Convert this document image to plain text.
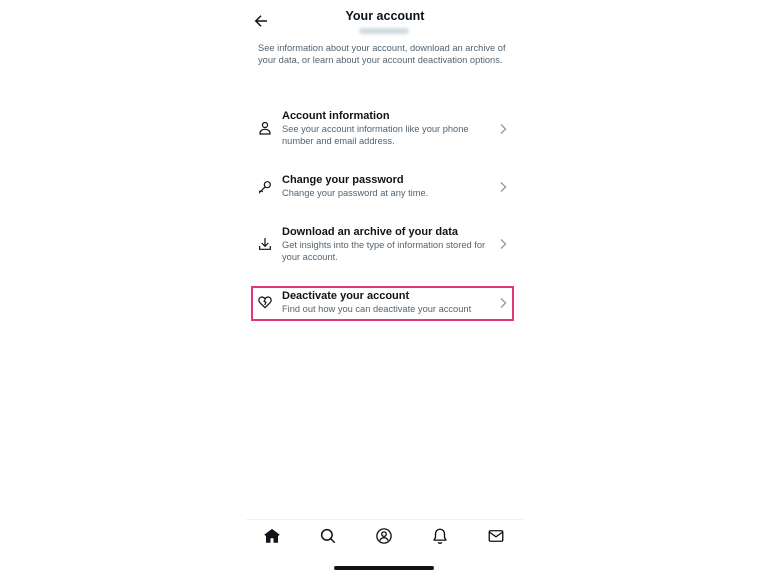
Your account
See information about your account, download an archive of your data, or learn about your account deactivation options.
Account information
See your account information like your phone number and email address.
Change your password
Change your password at any time.
Download an archive of your data
Get insights into the type of information stored for your account.
Deactivate your account
Find out how you can deactivate your account
